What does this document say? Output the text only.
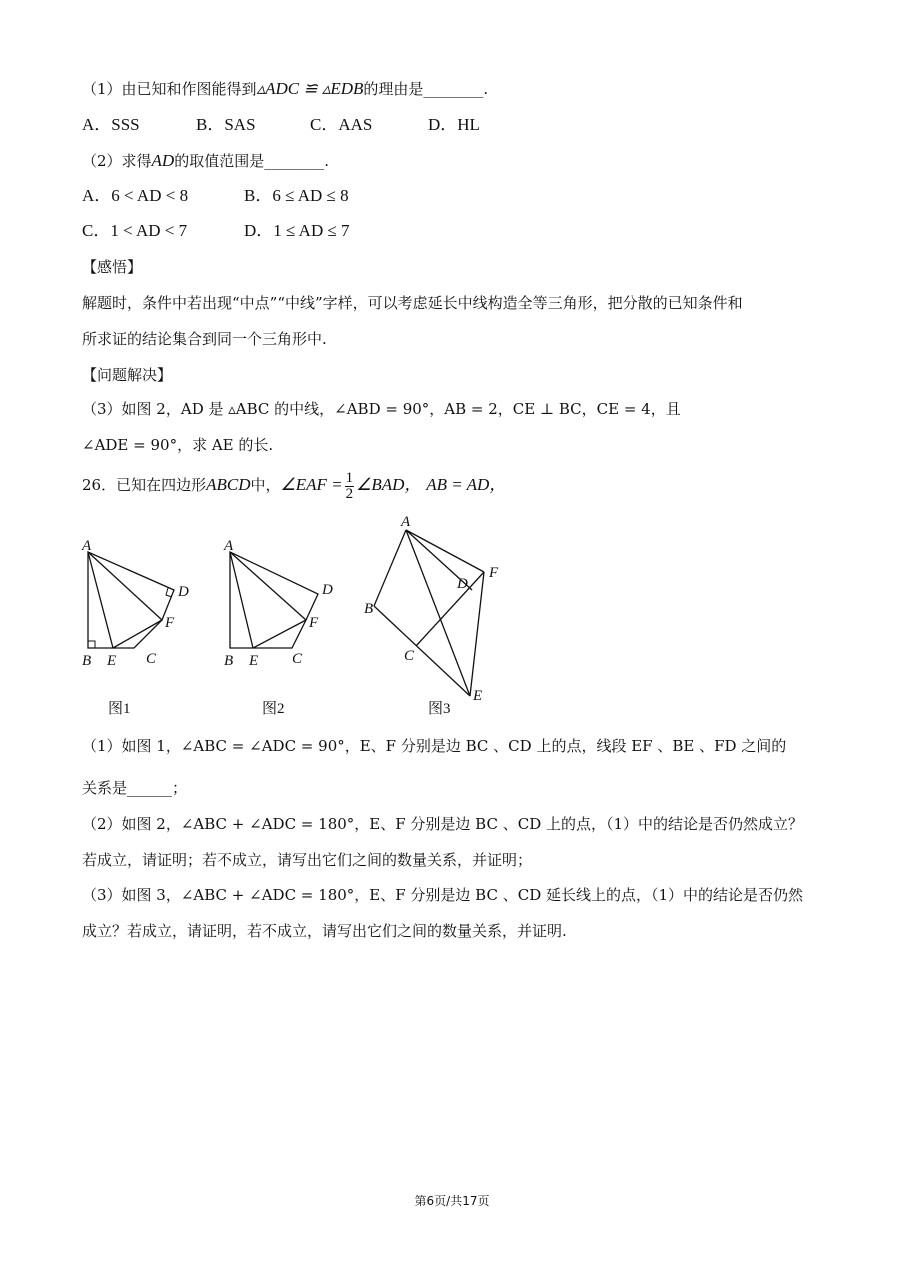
（1）由已知和作图能得到▵ADC ≌ ▵EDB的理由是________.
A．SSS	B．SAS	C．AAS	D．HL
（2）求得AD的取值范围是________.
A．6 < AD < 8	B．6 ≤ AD ≤ 8
C．1 < AD < 7	D．1 ≤ AD ≤ 7
【感悟】
解题时，条件中若出现“中点”“中线”字样，可以考虑延长中线构造全等三角形，把分散的已知条件和
所求证的结论集合到同一个三角形中.
【问题解决】
（3）如图 2，AD 是 ▵ABC 的中线，∠ABD = 90°，AB = 2，CE ⊥ BC，CE = 4，且
∠ADE = 90°，求 AE 的长.
26．已知在四边形ABCD中，∠EAF = $\frac{1}{2}$ ∠BAD， AB = AD，
A
D
F
B E C
A
D
F
B E C
A
D
F
B
C
E
图1	图2	图3
（1）如图 1，∠ABC = ∠ADC = 90°，E、F 分别是边 BC 、CD 上的点，线段 EF 、BE 、FD 之间的
关系是______；
（2）如图 2，∠ABC + ∠ADC = 180°，E、F 分别是边 BC 、CD 上的点，（1）中的结论是否仍然成立？
若成立，请证明；若不成立，请写出它们之间的数量关系，并证明；
（3）如图 3，∠ABC + ∠ADC = 180°，E、F 分别是边 BC 、CD 延长线上的点，（1）中的结论是否仍然
成立？若成立，请证明，若不成立，请写出它们之间的数量关系，并证明.
第6页/共17页
